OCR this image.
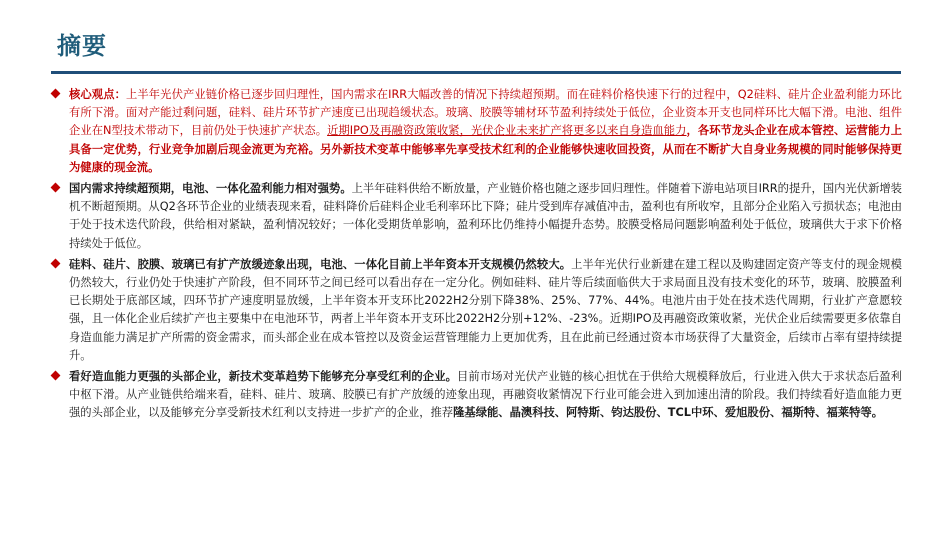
摘要
核心观点：上半年光伏产业链价格已逐步回归理性，国内需求在IRR大幅改善的情况下持续超预期。而在硅料价格快速下行的过程中，Q2硅料、硅片企业盈利能力环比有所下滑。面对产能过剩问题，硅料、硅片环节扩产速度已出现趋缓状态。玻璃、胶膜等辅材环节盈利持续处于低位，企业资本开支也同样环比大幅下滑。电池、组件企业在N型技术带动下，目前仍处于快速扩产状态。近期IPO及再融资政策收紧，光伏企业未来扩产将更多以来自身造血能力，各环节龙头企业在成本管控、运营能力上具备一定优势，行业竞争加剧后现金流更为充裕。另外新技术变革中能够率先享受技术红利的企业能够快速收回投资，从而在不断扩大自身业务规模的同时能够保持更为健康的现金流。
国内需求持续超预期，电池、一体化盈利能力相对强势。上半年硅料供给不断放量，产业链价格也随之逐步回归理性。伴随着下游电站项目IRR的提升，国内光伏新增装机不断超预期。从Q2各环节企业的业绩表现来看，硅料降价后硅料企业毛利率环比下降；硅片受到库存减值冲击，盈利也有所收窄，且部分企业陷入亏损状态；电池由于处于技术迭代阶段，供给相对紧缺，盈利情况较好；一体化受期货单影响，盈利环比仍维持小幅提升态势。胶膜受格局问题影响盈利处于低位，玻璃供大于求下价格持续处于低位。
硅料、硅片、胶膜、玻璃已有扩产放缓迹象出现，电池、一体化目前上半年资本开支规模仍然较大。上半年光伏行业新建在建工程以及购建固定资产等支付的现金规模仍然较大，行业仍处于快速扩产阶段，但不同环节之间已经可以看出存在一定分化。例如硅料、硅片等后续面临供大于求局面且没有技术变化的环节，玻璃、胶膜盈利已长期处于底部区域，四环节扩产速度明显放缓，上半年资本开支环比2022H2分别下降38%、25%、77%、44%。电池片由于处在技术迭代周期，行业扩产意愿较强，且一体化企业后续扩产也主要集中在电池环节，两者上半年资本开支环比2022H2分别+12%、-23%。近期IPO及再融资政策收紧，光伏企业后续需要更多依靠自身造血能力满足扩产所需的资金需求，而头部企业在成本管控以及资金运营管理能力上更加优秀，且在此前已经通过资本市场获得了大量资金，后续市占率有望持续提升。
看好造血能力更强的头部企业，新技术变革趋势下能够充分享受红利的企业。目前市场对光伏产业链的核心担忧在于供给大规模释放后，行业进入供大于求状态后盈利中枢下滑。从产业链供给端来看，硅料、硅片、玻璃、胶膜已有扩产放缓的迹象出现，再融资收紧情况下行业可能会进入到加速出清的阶段。我们持续看好造血能力更强的头部企业，以及能够充分享受新技术红利以支持进一步扩产的企业，推荐隆基绿能、晶澳科技、阿特斯、钧达股份、TCL中环、爱旭股份、福斯特、福莱特等。
